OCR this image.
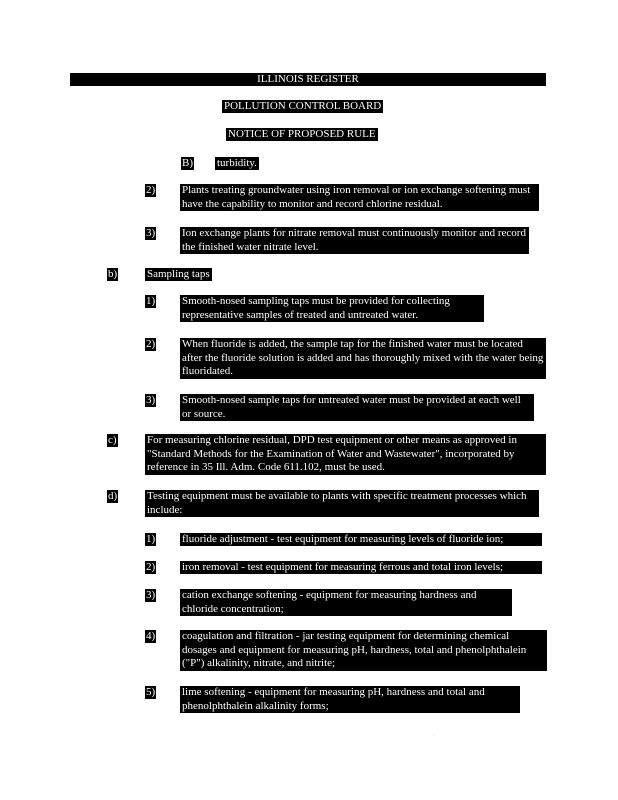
ILLINOIS REGISTER
POLLUTION CONTROL BOARD
NOTICE OF PROPOSED RULE
B) turbidity.
2) Plants treating groundwater using iron removal or ion exchange softening must have the capability to monitor and record chlorine residual.
3) Ion exchange plants for nitrate removal must continuously monitor and record the finished water nitrate level.
b)	Sampling taps
1) Smooth-nosed sampling taps must be provided for collecting representative samples of treated and untreated water.
2) When fluoride is added, the sample tap for the finished water must be located after the fluoride solution is added and has thoroughly mixed with the water being fluoridated.
3) Smooth-nosed sample taps for untreated water must be provided at each well or source.
c)	For measuring chlorine residual, DPD test equipment or other means as approved in "Standard Methods for the Examination of Water and Wastewater", incorporated by reference in 35 Ill. Adm. Code 611.102, must be used.
d)	Testing equipment must be available to plants with specific treatment processes which include:
1) fluoride adjustment - test equipment for measuring levels of fluoride ion;
2) iron removal - test equipment for measuring ferrous and total iron levels;
3) cation exchange softening - equipment for measuring hardness and chloride concentration;
4) coagulation and filtration - jar testing equipment for determining chemical dosages and equipment for measuring pH, hardness, total and phenolphthalein ("P") alkalinity, nitrate, and nitrite;
5) lime softening - equipment for measuring pH, hardness and total and phenolphthalein alkalinity forms;
